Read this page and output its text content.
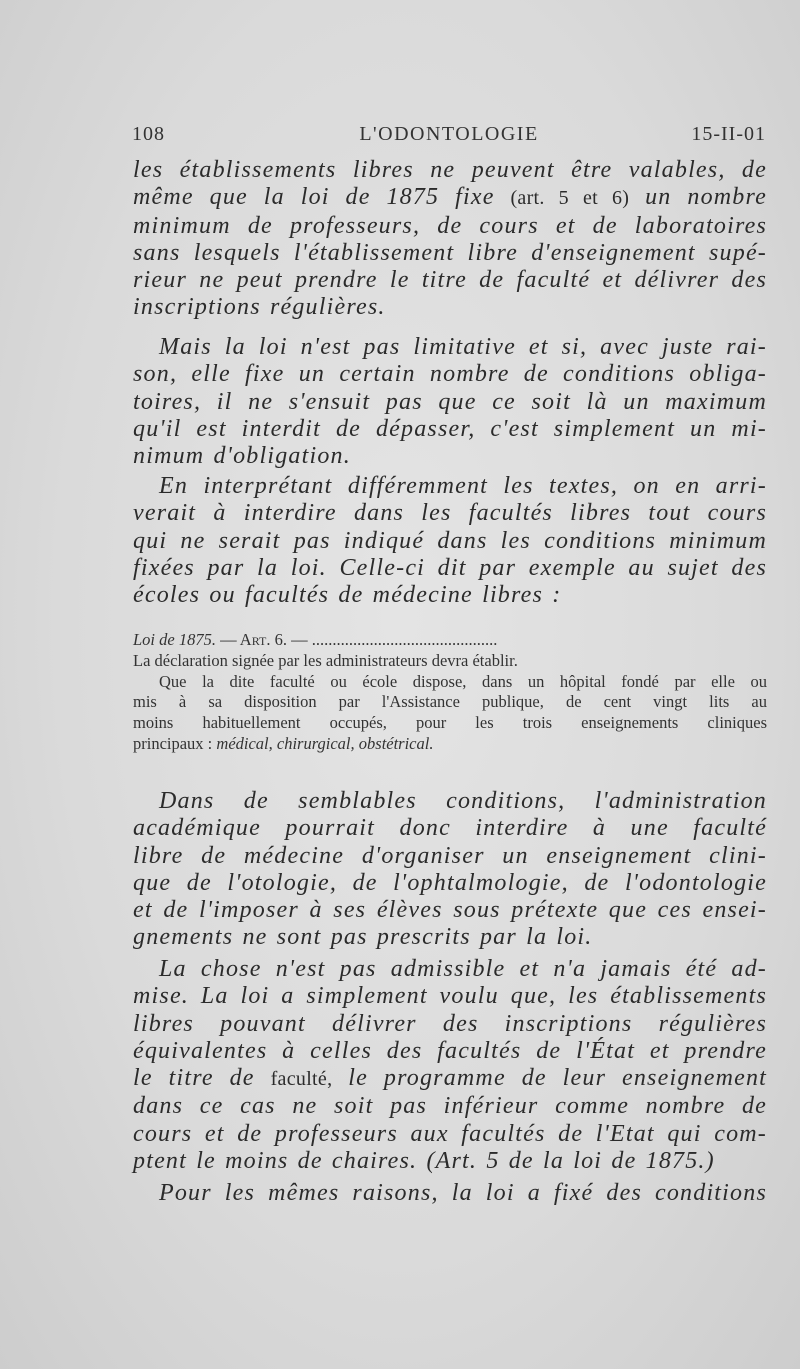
108	L'ODONTOLOGIE	15-II-01
les établissements libres ne peuvent être valables, de
même que la loi de 1875 fixe (art. 5 et 6) un nombre
minimum de professeurs, de cours et de laboratoires
sans lesquels l'établissement libre d'enseignement supé-
rieur ne peut prendre le titre de faculté et délivrer des
inscriptions régulières.
Mais la loi n'est pas limitative et si, avec juste rai-
son, elle fixe un certain nombre de conditions obliga-
toires, il ne s'ensuit pas que ce soit là un maximum
qu'il est interdit de dépasser, c'est simplement un mi-
nimum d'obligation.
En interprétant différemment les textes, on en arri-
verait à interdire dans les facultés libres tout cours
qui ne serait pas indiqué dans les conditions minimum
fixées par la loi. Celle-ci dit par exemple au sujet des
écoles ou facultés de médecine libres :
Loi de 1875. — Art. 6. — .............................................
La déclaration signée par les administrateurs devra établir.
Que la dite faculté ou école dispose, dans un hôpital fondé par elle ou
mis à sa disposition par l'Assistance publique, de cent vingt lits au
moins habituellement occupés, pour les trois enseignements cliniques
principaux : médical, chirurgical, obstétrical.
Dans de semblables conditions, l'administration
académique pourrait donc interdire à une faculté
libre de médecine d'organiser un enseignement clini-
que de l'otologie, de l'ophtalmologie, de l'odontologie
et de l'imposer à ses élèves sous prétexte que ces ensei-
gnements ne sont pas prescrits par la loi.
La chose n'est pas admissible et n'a jamais été ad-
mise. La loi a simplement voulu que, les établissements
libres pouvant délivrer des inscriptions régulières
équivalentes à celles des facultés de l'État et prendre
le titre de faculté, le programme de leur enseignement
dans ce cas ne soit pas inférieur comme nombre de
cours et de professeurs aux facultés de l'Etat qui com-
ptent le moins de chaires. (Art. 5 de la loi de 1875.)
Pour les mêmes raisons, la loi a fixé des conditions
